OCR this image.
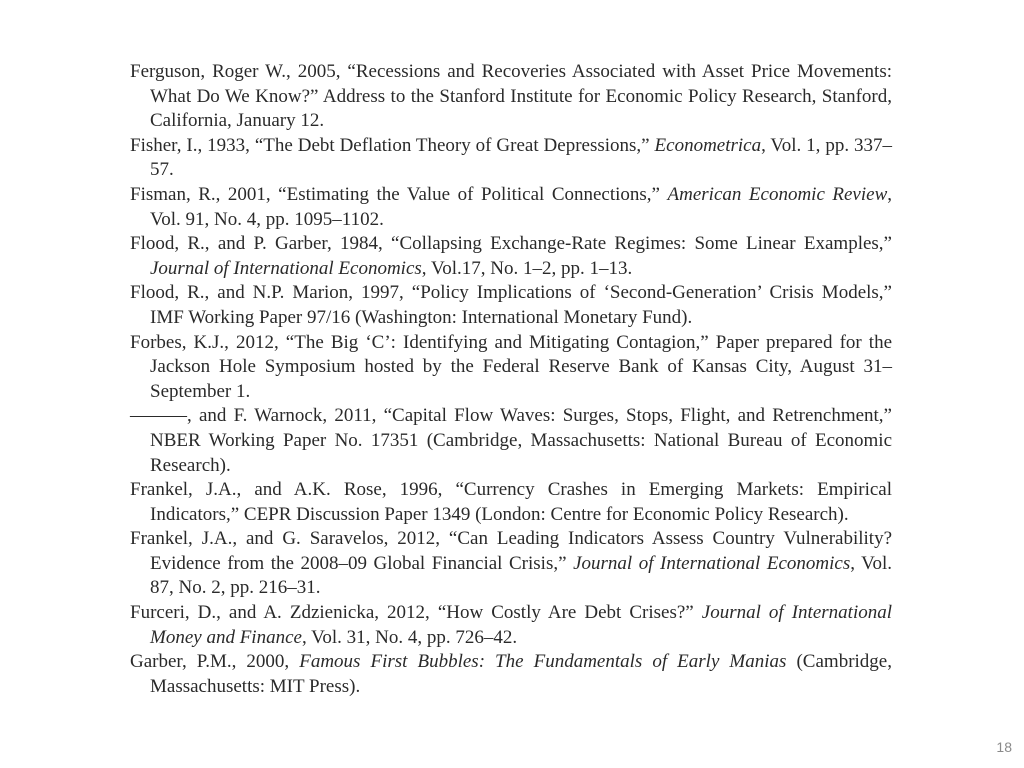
Ferguson, Roger W., 2005, “Recessions and Recoveries Associated with Asset Price Movements: What Do We Know?” Address to the Stanford Institute for Economic Policy Research, Stanford, California, January 12.
Fisher, I., 1933, “The Debt Deflation Theory of Great Depressions,” Econometrica, Vol. 1, pp. 337–57.
Fisman, R., 2001, “Estimating the Value of Political Connections,” American Economic Review, Vol. 91, No. 4, pp. 1095–1102.
Flood, R., and P. Garber, 1984, “Collapsing Exchange-Rate Regimes: Some Linear Examples,” Journal of International Economics, Vol.17, No. 1–2, pp. 1–13.
Flood, R., and N.P. Marion, 1997, “Policy Implications of ‘Second-Generation’ Crisis Models,” IMF Working Paper 97/16 (Washington: International Monetary Fund).
Forbes, K.J., 2012, “The Big ‘C’: Identifying and Mitigating Contagion,” Paper prepared for the Jackson Hole Symposium hosted by the Federal Reserve Bank of Kansas City, August 31–September 1.
———, and F. Warnock, 2011, “Capital Flow Waves: Surges, Stops, Flight, and Retrenchment,” NBER Working Paper No. 17351 (Cambridge, Massachusetts: National Bureau of Economic Research).
Frankel, J.A., and A.K. Rose, 1996, “Currency Crashes in Emerging Markets: Empirical Indicators,” CEPR Discussion Paper 1349 (London: Centre for Economic Policy Research).
Frankel, J.A., and G. Saravelos, 2012, “Can Leading Indicators Assess Country Vulnerability? Evidence from the 2008–09 Global Financial Crisis,” Journal of International Economics, Vol. 87, No. 2, pp. 216–31.
Furceri, D., and A. Zdzienicka, 2012, “How Costly Are Debt Crises?” Journal of International Money and Finance, Vol. 31, No. 4, pp. 726–42.
Garber, P.M., 2000, Famous First Bubbles: The Fundamentals of Early Manias (Cambridge, Massachusetts: MIT Press).
18
